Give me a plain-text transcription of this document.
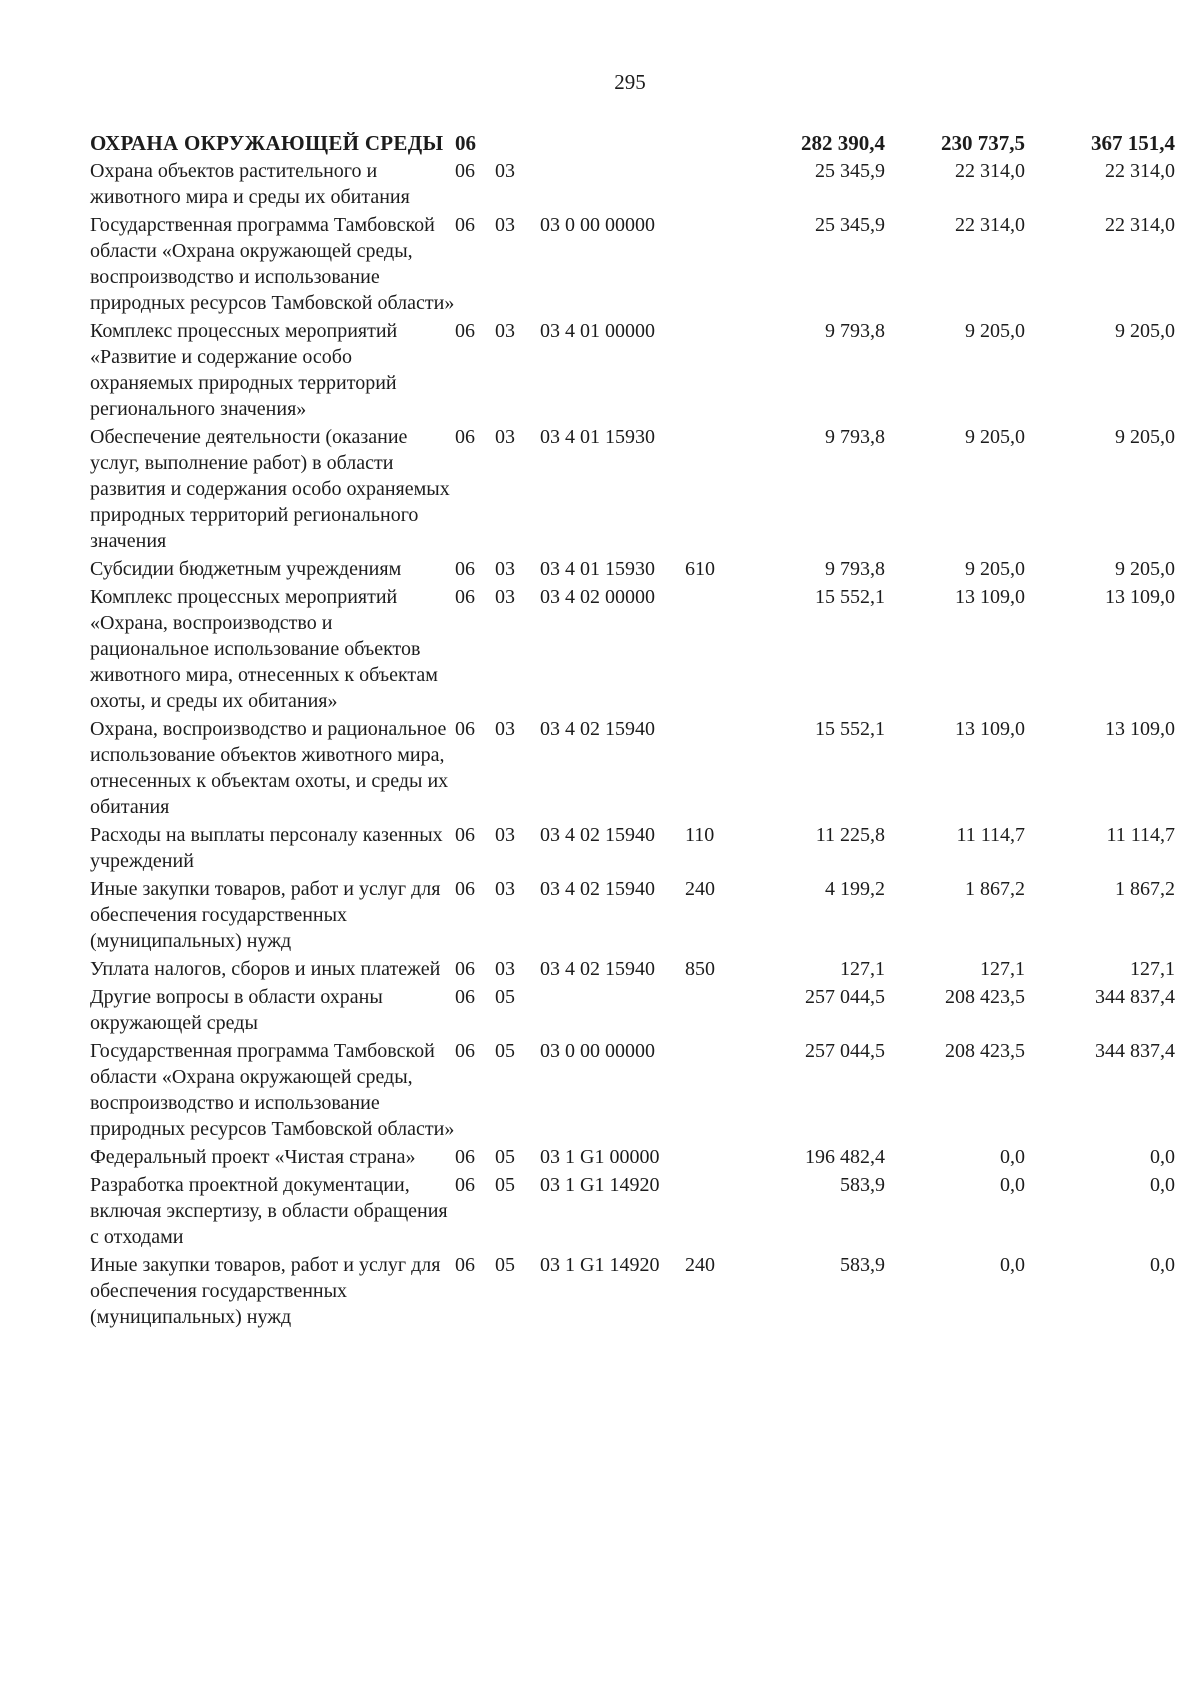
295
ОХРАНА ОКРУЖАЮЩЕЙ СРЕДЫ	06				282 390,4	230 737,5	367 151,4
Охрана объектов растительного и животного мира и среды их обитания	06	03			25 345,9	22 314,0	22 314,0
Государственная программа Тамбовской области «Охрана окружающей среды, воспроизводство и использование природных ресурсов Тамбовской области»	06	03	03 0 00 00000		25 345,9	22 314,0	22 314,0
Комплекс процессных мероприятий «Развитие и содержание особо охраняемых природных территорий регионального значения»	06	03	03 4 01 00000		9 793,8	9 205,0	9 205,0
Обеспечение деятельности (оказание услуг, выполнение работ) в области развития и содержания особо охраняемых природных территорий регионального значения	06	03	03 4 01 15930		9 793,8	9 205,0	9 205,0
Субсидии бюджетным учреждениям	06	03	03 4 01 15930	610	9 793,8	9 205,0	9 205,0
Комплекс процессных мероприятий «Охрана, воспроизводство и рациональное использование объектов животного мира, отнесенных к объектам охоты, и среды их обитания»	06	03	03 4 02 00000		15 552,1	13 109,0	13 109,0
Охрана, воспроизводство и рациональное использование объектов животного мира, отнесенных к объектам охоты, и среды их обитания	06	03	03 4 02 15940		15 552,1	13 109,0	13 109,0
Расходы на выплаты персоналу казенных учреждений	06	03	03 4 02 15940	110	11 225,8	11 114,7	11 114,7
Иные закупки товаров, работ и услуг для обеспечения государственных (муниципальных) нужд	06	03	03 4 02 15940	240	4 199,2	1 867,2	1 867,2
Уплата налогов, сборов и иных платежей	06	03	03 4 02 15940	850	127,1	127,1	127,1
Другие вопросы в области охраны окружающей среды	06	05			257 044,5	208 423,5	344 837,4
Государственная программа Тамбовской области «Охрана окружающей среды, воспроизводство и использование природных ресурсов Тамбовской области»	06	05	03 0 00 00000		257 044,5	208 423,5	344 837,4
Федеральный проект «Чистая страна»	06	05	03 1 G1 00000		196 482,4	0,0	0,0
Разработка проектной документации, включая экспертизу, в области обращения с отходами	06	05	03 1 G1 14920		583,9	0,0	0,0
Иные закупки товаров, работ и услуг для обеспечения государственных (муниципальных) нужд	06	05	03 1 G1 14920	240	583,9	0,0	0,0
